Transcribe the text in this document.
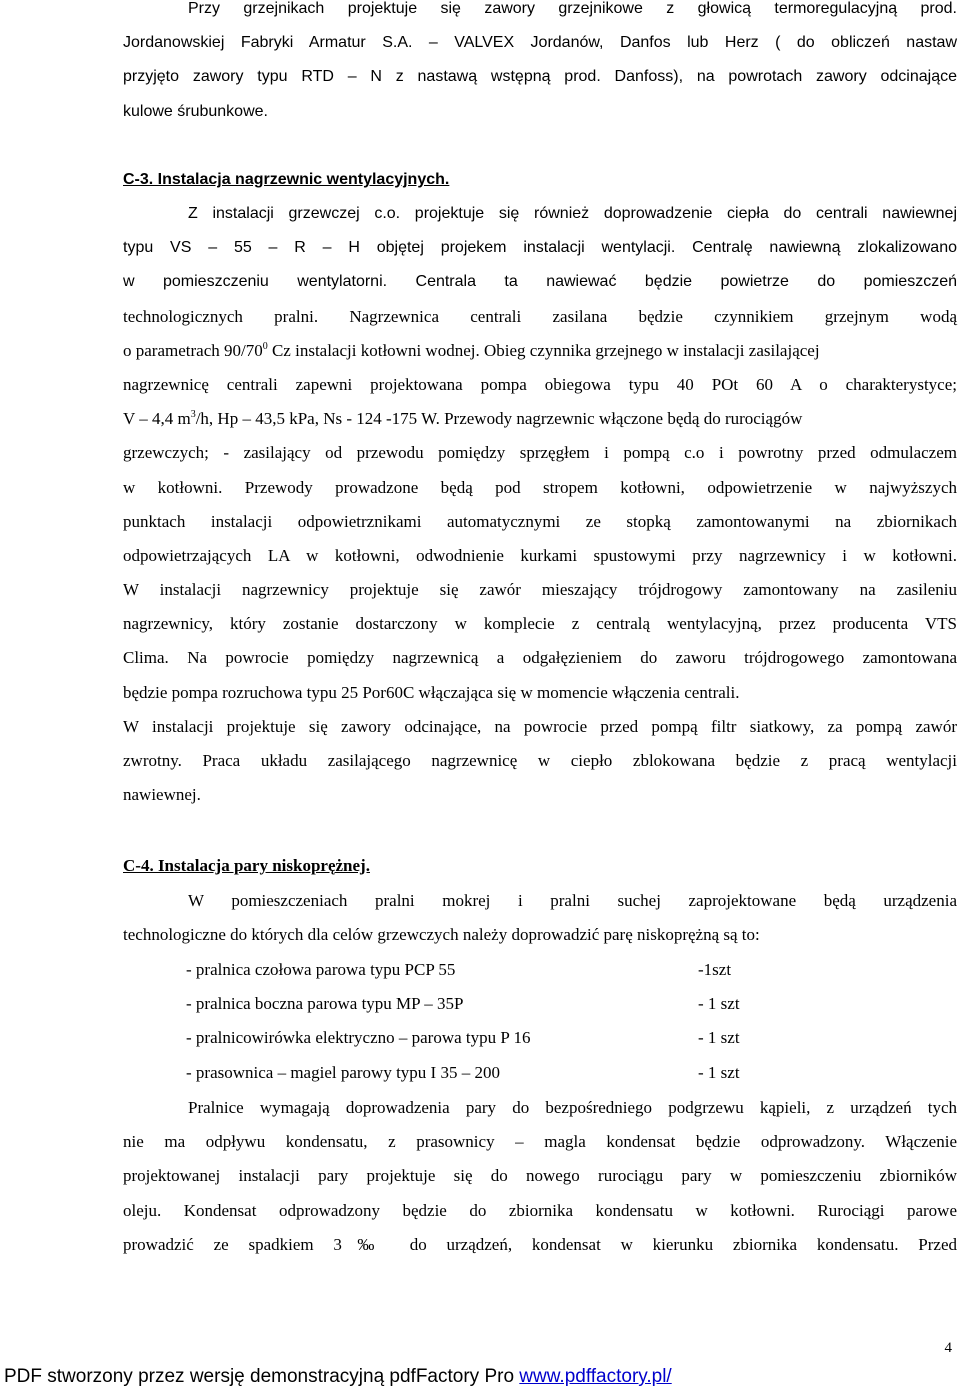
Przy grzejnikach projektuje się zawory grzejnikowe z głowicą termoregulacyjną prod.
Jordanowskiej Fabryki Armatur S.A. – VALVEX Jordanów, Danfos lub Herz ( do obliczeń nastaw
przyjęto zawory typu RTD – N z nastawą wstępną prod. Danfoss), na powrotach zawory odcinające
kulowe śrubunkowe.
C-3. Instalacja nagrzewnic wentylacyjnych.
Z instalacji grzewczej c.o. projektuje się również doprowadzenie ciepła do centrali nawiewnej
typu VS – 55 – R – H objętej projekem instalacji wentylacji. Centralę nawiewną zlokalizowano
w pomieszczeniu wentylatorni. Centrala ta nawiewać będzie powietrze do pomieszczeń
technologicznych pralni. Nagrzewnica centrali zasilana będzie czynnikiem grzejnym wodą
o parametrach $90/70^0$ Cz instalacji kotłowni wodnej. Obieg czynnika grzejnego w instalacji zasilającej
nagrzewnicę centrali zapewni projektowana pompa obiegowa typu 40 POt 60 A o charakterystyce;
V – 4,4 $m^3/h$, Hp – 43,5 kPa, Ns - 124 -175 W. Przewody nagrzewnic włączone będą do rurociągów
grzewczych; - zasilający od przewodu pomiędzy sprzęgłem i pompą c.o i powrotny przed odmulaczem
w kotłowni. Przewody prowadzone będą pod stropem kotłowni, odpowietrzenie w najwyższych
punktach instalacji odpowietrznikami automatycznymi ze stopką zamontowanymi na zbiornikach
odpowietrzających LA w kotłowni, odwodnienie kurkami spustowymi przy nagrzewnicy i w kotłowni.
W instalacji nagrzewnicy projektuje się zawór mieszający trójdrogowy zamontowany na zasileniu
nagrzewnicy, który zostanie dostarczony w komplecie z centralą wentylacyjną, przez producenta VTS
Clima. Na powrocie pomiędzy nagrzewnicą a odgałęzieniem do zaworu trójdrogowego zamontowana
będzie pompa rozruchowa typu 25 Por60C włączająca się w momencie włączenia centrali.
W instalacji projektuje się zawory odcinające, na powrocie przed pompą filtr siatkowy, za pompą zawór
zwrotny. Praca układu zasilającego nagrzewnicę w ciepło zblokowana będzie z pracą wentylacji
nawiewnej.
C-4. Instalacja pary niskoprężnej.
W pomieszczeniach pralni mokrej i pralni suchej zaprojektowane będą urządzenia
technologiczne do których dla celów grzewczych należy doprowadzić parę niskoprężną są to:
- pralnica czołowa parowa typu PCP 55	-1szt
- pralnica boczna parowa typu MP – 35P	- 1 szt
- pralnicowirówka elektryczno – parowa typu P 16	- 1 szt
- prasownica – magiel parowy typu I 35 – 200	- 1 szt
Pralnice wymagają doprowadzenia pary do bezpośredniego podgrzewu kąpieli, z urządzeń tych
nie ma odpływu kondensatu, z prasownicy – magla kondensat będzie odprowadzony. Włączenie
projektowanej instalacji pary projektuje się do nowego rurociągu pary w pomieszczeniu zbiorników
oleju. Kondensat odprowadzony będzie do zbiornika kondensatu w kotłowni. Rurociągi parowe
prowadzić ze spadkiem 3‰ do urządzeń, kondensat w kierunku zbiornika kondensatu. Przed
4
PDF stworzony przez wersję demonstracyjną pdfFactory Pro www.pdffactory.pl/
